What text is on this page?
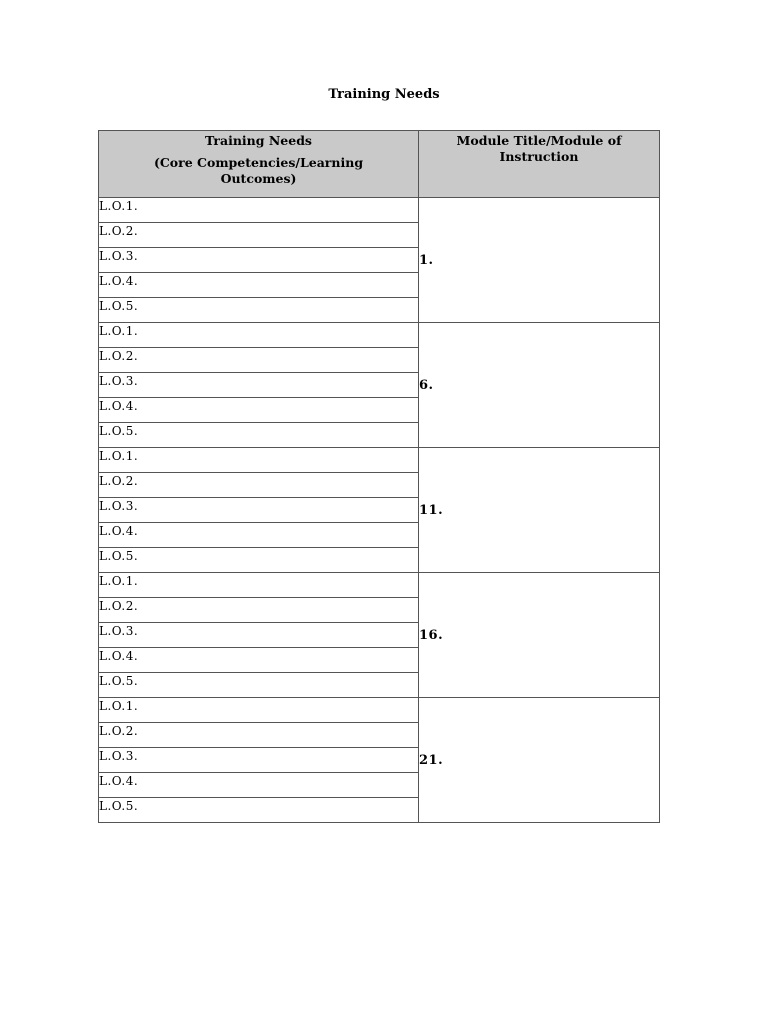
Training Needs
Training Needs
(Core Competencies/Learning Outcomes)	Module Title/Module of Instruction

L.O.1.	1.
L.O.2.	
L.O.3.	
L.O.4.	
L.O.5.	
L.O.1.	6.
L.O.2.	
L.O.3.	
L.O.4.	
L.O.5.	
L.O.1.	11.
L.O.2.	
L.O.3.	
L.O.4.	
L.O.5.	
L.O.1.	16.
L.O.2.	
L.O.3.	
L.O.4.	
L.O.5.	
L.O.1.	21.
L.O.2.	
L.O.3.	
L.O.4.	
L.O.5.	
